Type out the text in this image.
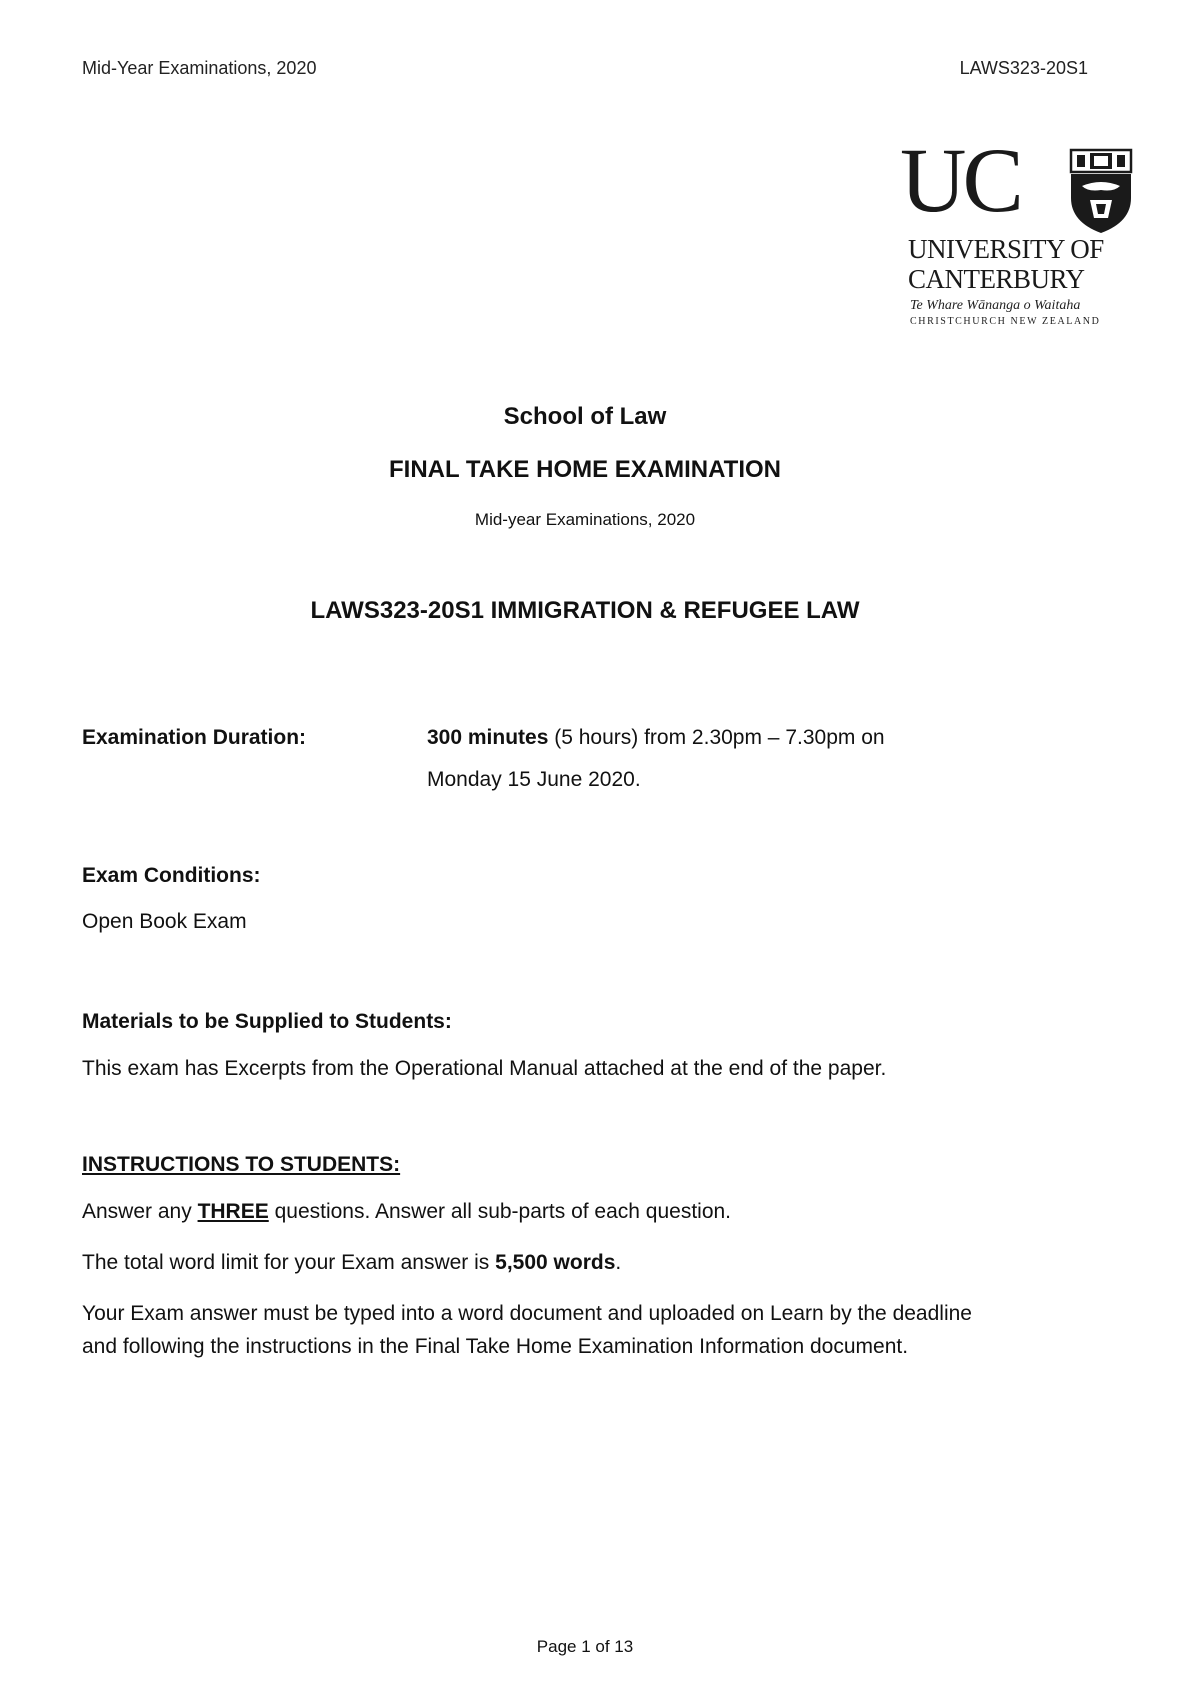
Mid-Year Examinations, 2020	LAWS323-20S1
UC
UNIVERSITY OF
CANTERBURY
Te Whare Wānanga o Waitaha
CHRISTCHURCH NEW ZEALAND
School of Law
FINAL TAKE HOME EXAMINATION
Mid-year Examinations, 2020
LAWS323-20S1 IMMIGRATION & REFUGEE LAW
Examination Duration:	300 minutes (5 hours) from 2.30pm – 7.30pm on
Monday 15 June 2020.
Exam Conditions:
Open Book Exam
Materials to be Supplied to Students:
This exam has Excerpts from the Operational Manual attached at the end of the paper.
INSTRUCTIONS TO STUDENTS:
Answer any THREE questions. Answer all sub-parts of each question.
The total word limit for your Exam answer is 5,500 words.
Your Exam answer must be typed into a word document and uploaded on Learn by the deadline
and following the instructions in the Final Take Home Examination Information document.
Page 1 of 13
